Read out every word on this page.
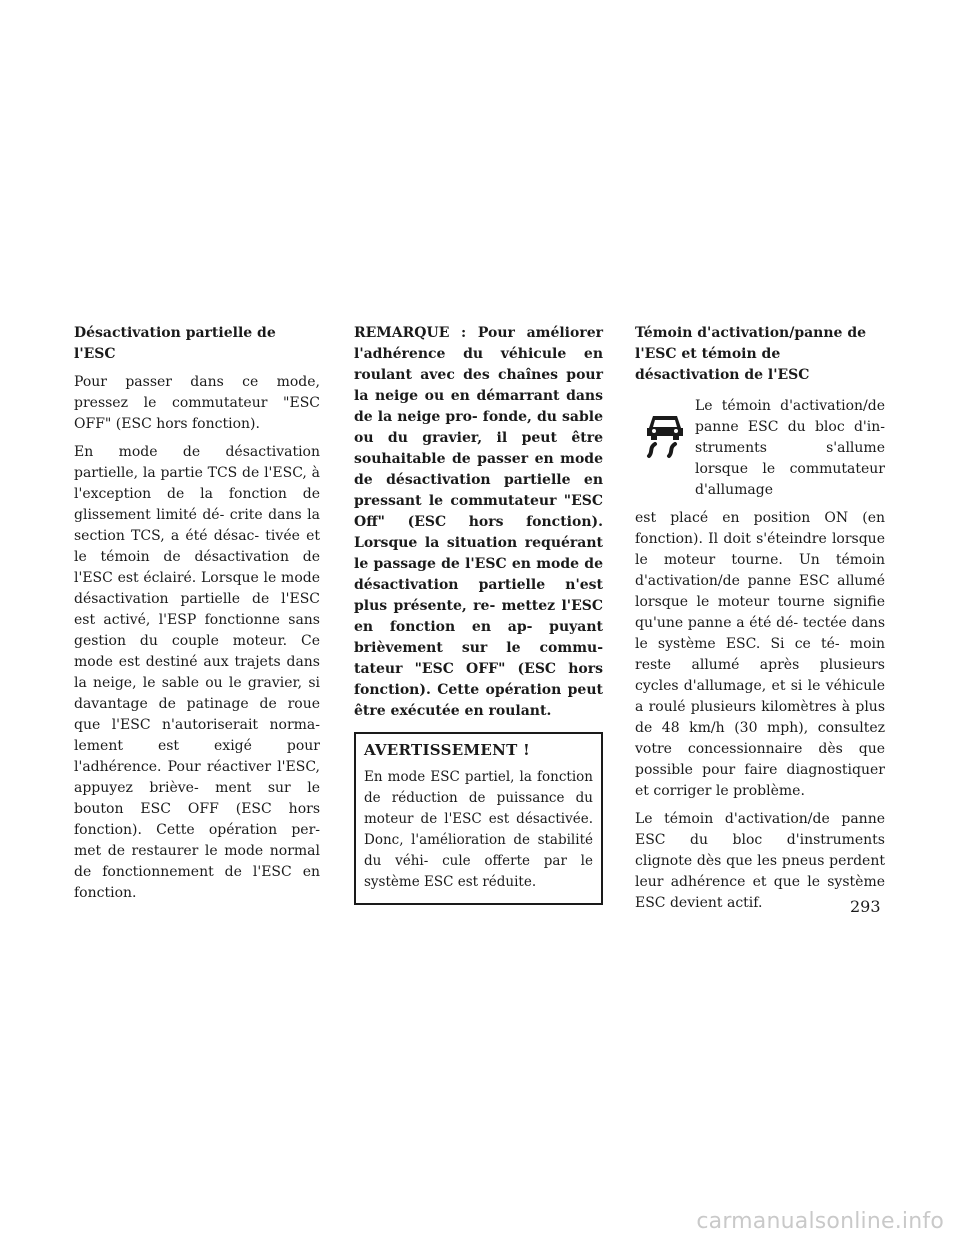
Désactivation partielle de l'ESC

Pour passer dans ce mode, pressez le commutateur "ESC OFF" (ESC hors fonction).

En mode de désactivation partielle, la partie TCS de l'ESC, à l'exception de la fonction de glissement limité dé- crite dans la section TCS, a été désac- tivée et le témoin de désactivation de l'ESC est éclairé. Lorsque le mode désactivation partielle de l'ESC est activé, l'ESP fonctionne sans gestion du couple moteur. Ce mode est destiné aux trajets dans la neige, le sable ou le gravier, si davantage de patinage de roue que l'ESC n'autoriserait norma- lement est exigé pour l'adhérence. Pour réactiver l'ESC, appuyez briève- ment sur le bouton ESC OFF (ESC hors fonction). Cette opération per- met de restaurer le mode normal de fonctionnement de l'ESC en fonction.

REMARQUE : Pour améliorer l'adhérence du véhicule en roulant avec des chaînes pour la neige ou en démarrant dans de la neige pro- fonde, du sable ou du gravier, il peut être souhaitable de passer en mode de désactivation partielle en pressant le commutateur "ESC Off" (ESC hors fonction). Lorsque la situation requérant le passage de l'ESC en mode de désactivation partielle n'est plus présente, re- mettez l'ESC en fonction en ap- puyant brièvement sur le commu- tateur "ESC OFF" (ESC hors fonction). Cette opération peut être exécutée en roulant.

AVERTISSEMENT !

En mode ESC partiel, la fonction de réduction de puissance du moteur de l'ESC est désactivée. Donc, l'amélioration de stabilité du véhi- cule offerte par le système ESC est réduite.

Témoin d'activation/panne de l'ESC et témoin de désactivation de l'ESC

Le témoin d'activation/de panne ESC du bloc d'in- struments s'allume lorsque le commutateur d'allumage

est placé en position ON (en fonction). Il doit s'éteindre lorsque le moteur tourne. Un témoin d'activation/de panne ESC allumé lorsque le moteur tourne signifie qu'une panne a été dé- tectée dans le système ESC. Si ce té- moin reste allumé après plusieurs cycles d'allumage, et si le véhicule a roulé plusieurs kilomètres à plus de 48 km/h (30 mph), consultez votre concessionnaire dès que possible pour faire diagnostiquer et corriger le problème.

Le témoin d'activation/de panne ESC du bloc d'instruments clignote dès que les pneus perdent leur adhérence et que le système ESC devient actif.	293
carmanualsonline.info
